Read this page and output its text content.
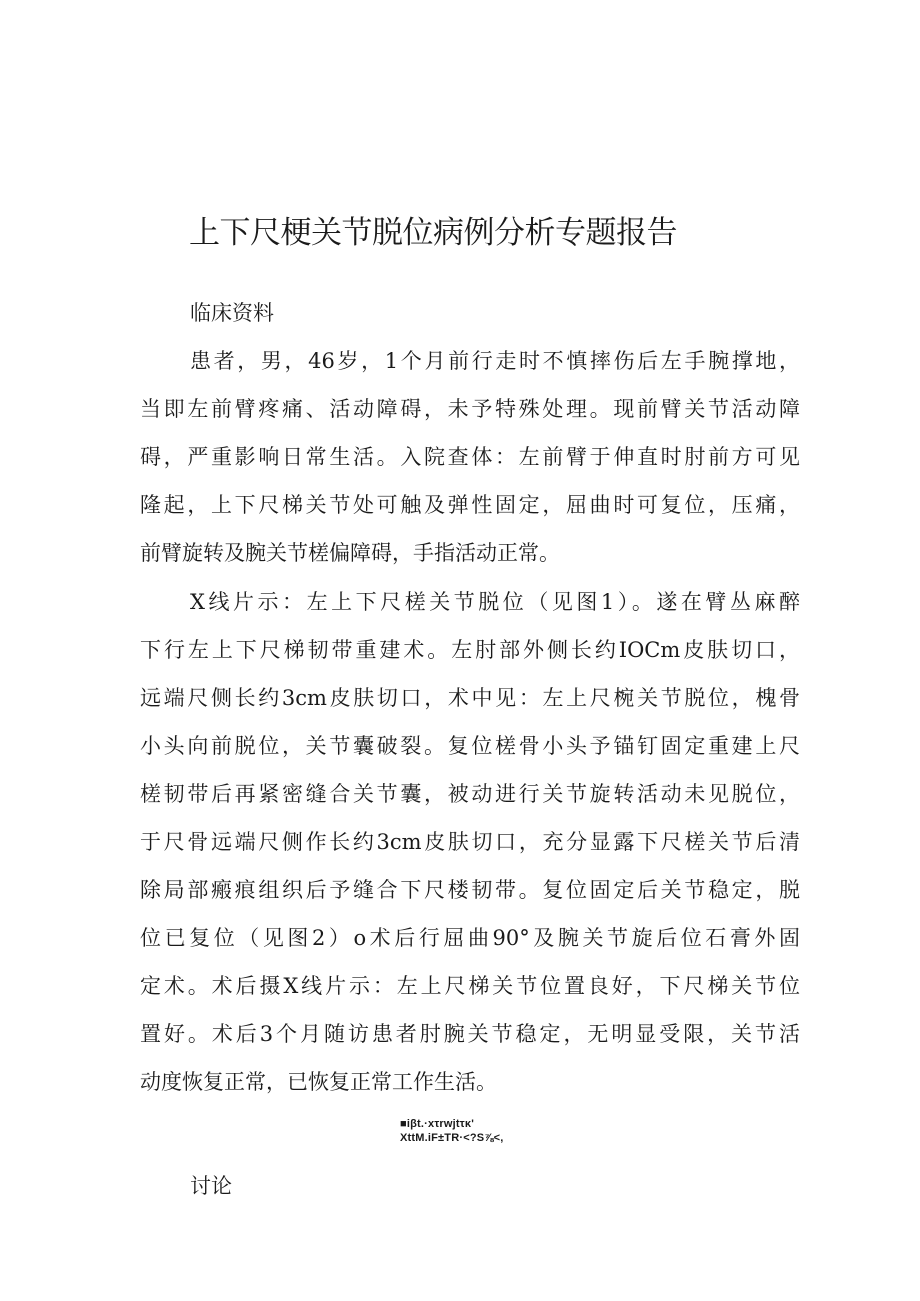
上下尺梗关节脱位病例分析专题报告
临床资料
患者，男，46岁，1个月前行走时不慎摔伤后左手腕撑地，
当即左前臂疼痛、活动障碍，未予特殊处理。现前臂关节活动障
碍，严重影响日常生活。入院查体：左前臂于伸直时肘前方可见
隆起，上下尺梯关节处可触及弹性固定，屈曲时可复位，压痛，
前臂旋转及腕关节槎偏障碍，手指活动正常。
X线片示：左上下尺槎关节脱位（见图1）。遂在臂丛麻醉
下行左上下尺梯韧带重建术。左肘部外侧长约IOCm皮肤切口，
远端尺侧长约3cm皮肤切口，术中见：左上尺椀关节脱位，槐骨
小头向前脱位，关节囊破裂。复位槎骨小头予锚钉固定重建上尺
槎韧带后再紧密缝合关节囊，被动进行关节旋转活动未见脱位，
于尺骨远端尺侧作长约3cm皮肤切口，充分显露下尺槎关节后清
除局部瘢痕组织后予缝合下尺楼韧带。复位固定后关节稳定，脱
位已复位（见图2）o术后行屈曲90°及腕关节旋后位石膏外固
定术。术后摄X线片示：左上尺梯关节位置良好，下尺梯关节位
置好。术后3个月随访患者肘腕关节稳定，无明显受限，关节活
动度恢复正常，已恢复正常工作生活。
■iβt.·xτrwjtτκ'
XttM.iF±TR·<?S⅞<,
讨论
